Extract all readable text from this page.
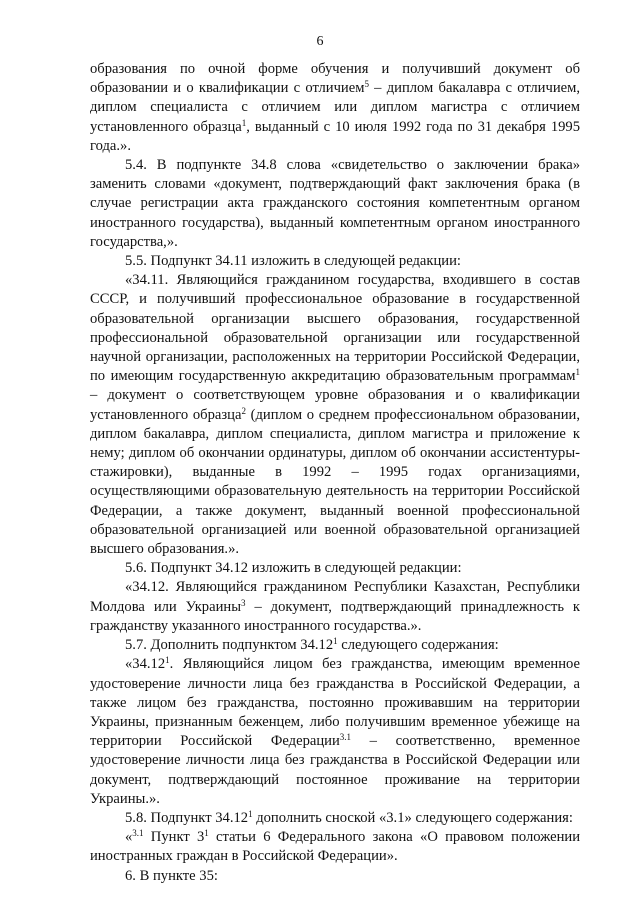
6

образования по очной форме обучения и получивший документ об образовании и о квалификации с отличием$^5$ – диплом бакалавра с отличием, диплом специалиста с отличием или диплом магистра с отличием установленного образца$^1$, выданный с 10 июля 1992 года по 31 декабря 1995 года.».

5.4. В подпункте 34.8 слова «свидетельство о заключении брака» заменить словами «документ, подтверждающий факт заключения брака (в случае регистрации акта гражданского состояния компетентным органом иностранного государства), выданный компетентным органом иностранного государства,».

5.5. Подпункт 34.11 изложить в следующей редакции:

«34.11. Являющийся гражданином государства, входившего в состав СССР, и получивший профессиональное образование в государственной образовательной организации высшего образования, государственной профессиональной образовательной организации или государственной научной организации, расположенных на территории Российской Федерации, по имеющим государственную аккредитацию образовательным программам$^1$ – документ о соответствующем уровне образования и о квалификации установленного образца$^2$ (диплом о среднем профессиональном образовании, диплом бакалавра, диплом специалиста, диплом магистра и приложение к нему; диплом об окончании ординатуры, диплом об окончании ассистентуры-стажировки), выданные в 1992 – 1995 годах организациями, осуществляющими образовательную деятельность на территории Российской Федерации, а также документ, выданный военной профессиональной образовательной организацией или военной образовательной организацией высшего образования.».

5.6. Подпункт 34.12 изложить в следующей редакции:

«34.12. Являющийся гражданином Республики Казахстан, Республики Молдова или Украины$^3$ – документ, подтверждающий принадлежность к гражданству указанного иностранного государства.».

5.7. Дополнить подпунктом 34.12$^1$ следующего содержания:

«34.12$^1$. Являющийся лицом без гражданства, имеющим временное удостоверение личности лица без гражданства в Российской Федерации, а также лицом без гражданства, постоянно проживавшим на территории Украины, признанным беженцем, либо получившим временное убежище на территории Российской Федерации$^{3.1}$ – соответственно, временное удостоверение личности лица без гражданства в Российской Федерации или документ, подтверждающий постоянное проживание на территории Украины.».

5.8. Подпункт 34.12$^1$ дополнить сноской «3.1» следующего содержания:

«$^{3.1}$ Пункт $3^1$ статьи 6 Федерального закона «О правовом положении иностранных граждан в Российской Федерации».

6. В пункте 35:
